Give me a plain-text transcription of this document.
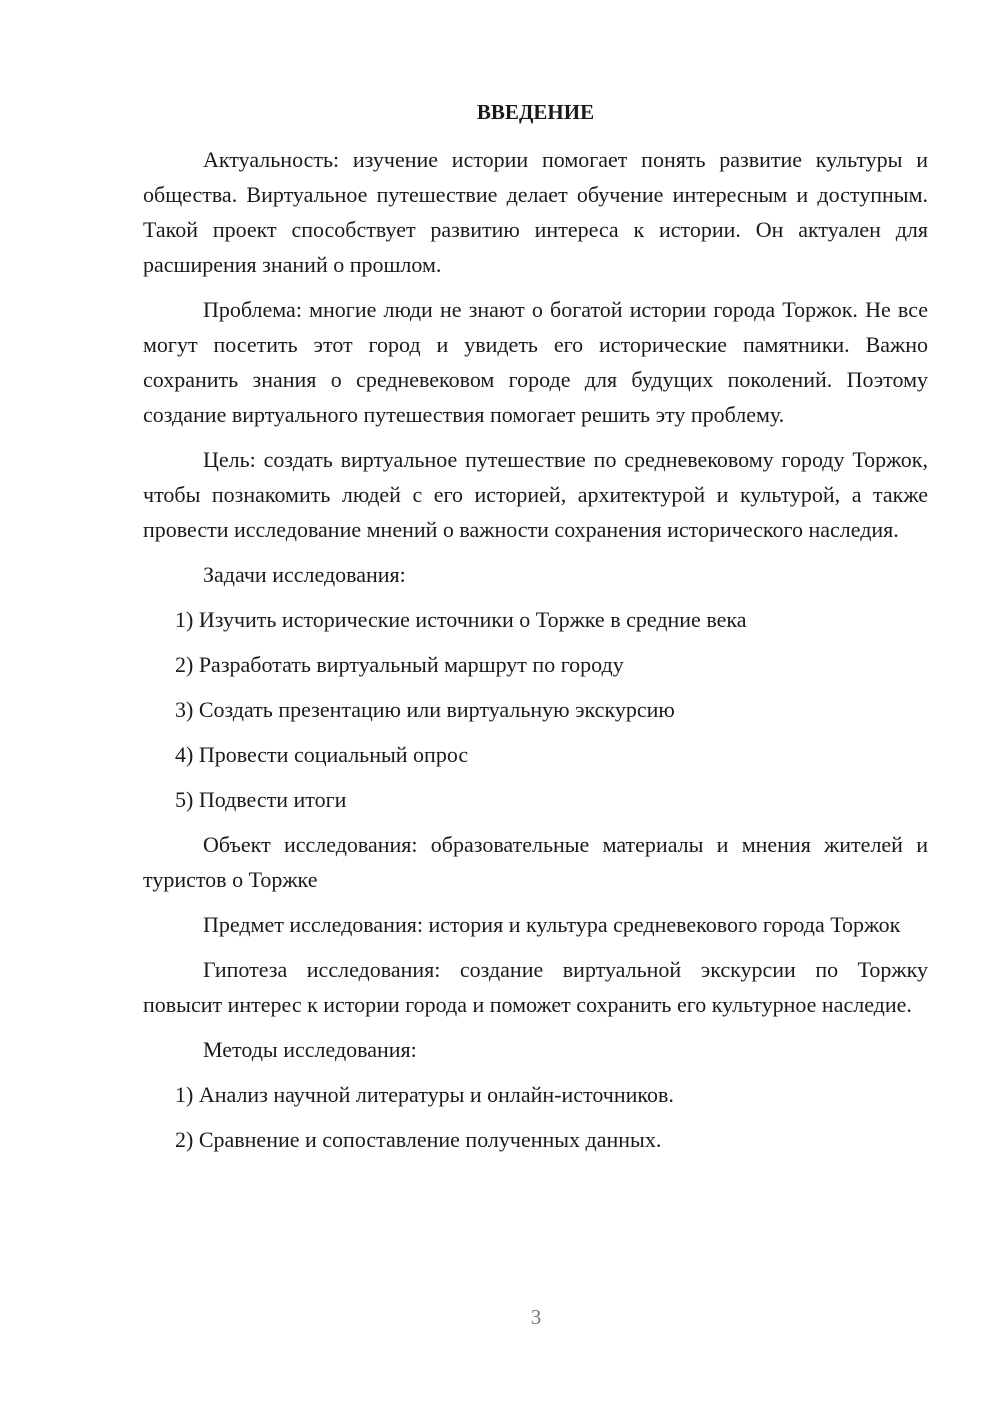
ВВЕДЕНИЕ

Актуальность: изучение истории помогает понять развитие культуры и общества. Виртуальное путешествие делает обучение интересным и доступным. Такой проект способствует развитию интереса к истории. Он актуален для расширения знаний о прошлом.

Проблема: многие люди не знают о богатой истории города Торжок. Не все могут посетить этот город и увидеть его исторические памятники. Важно сохранить знания о средневековом городе для будущих поколений. Поэтому создание виртуального путешествия помогает решить эту проблему.

Цель: создать виртуальное путешествие по средневековому городу Торжок, чтобы познакомить людей с его историей, архитектурой и культурой, а также провести исследование мнений о важности сохранения исторического наследия.

Задачи исследования:
1) Изучить исторические источники о Торжке в средние века
2) Разработать виртуальный маршрут по городу
3) Создать презентацию или виртуальную экскурсию
4) Провести социальный опрос
5) Подвести итоги

Объект исследования: образовательные материалы и мнения жителей и туристов о Торжке

Предмет исследования: история и культура средневекового города Торжок

Гипотеза исследования: создание виртуальной экскурсии по Торжку повысит интерес к истории города и поможет сохранить его культурное наследие.

Методы исследования:
1) Анализ научной литературы и онлайн-источников.
2) Сравнение и сопоставление полученных данных.
3
